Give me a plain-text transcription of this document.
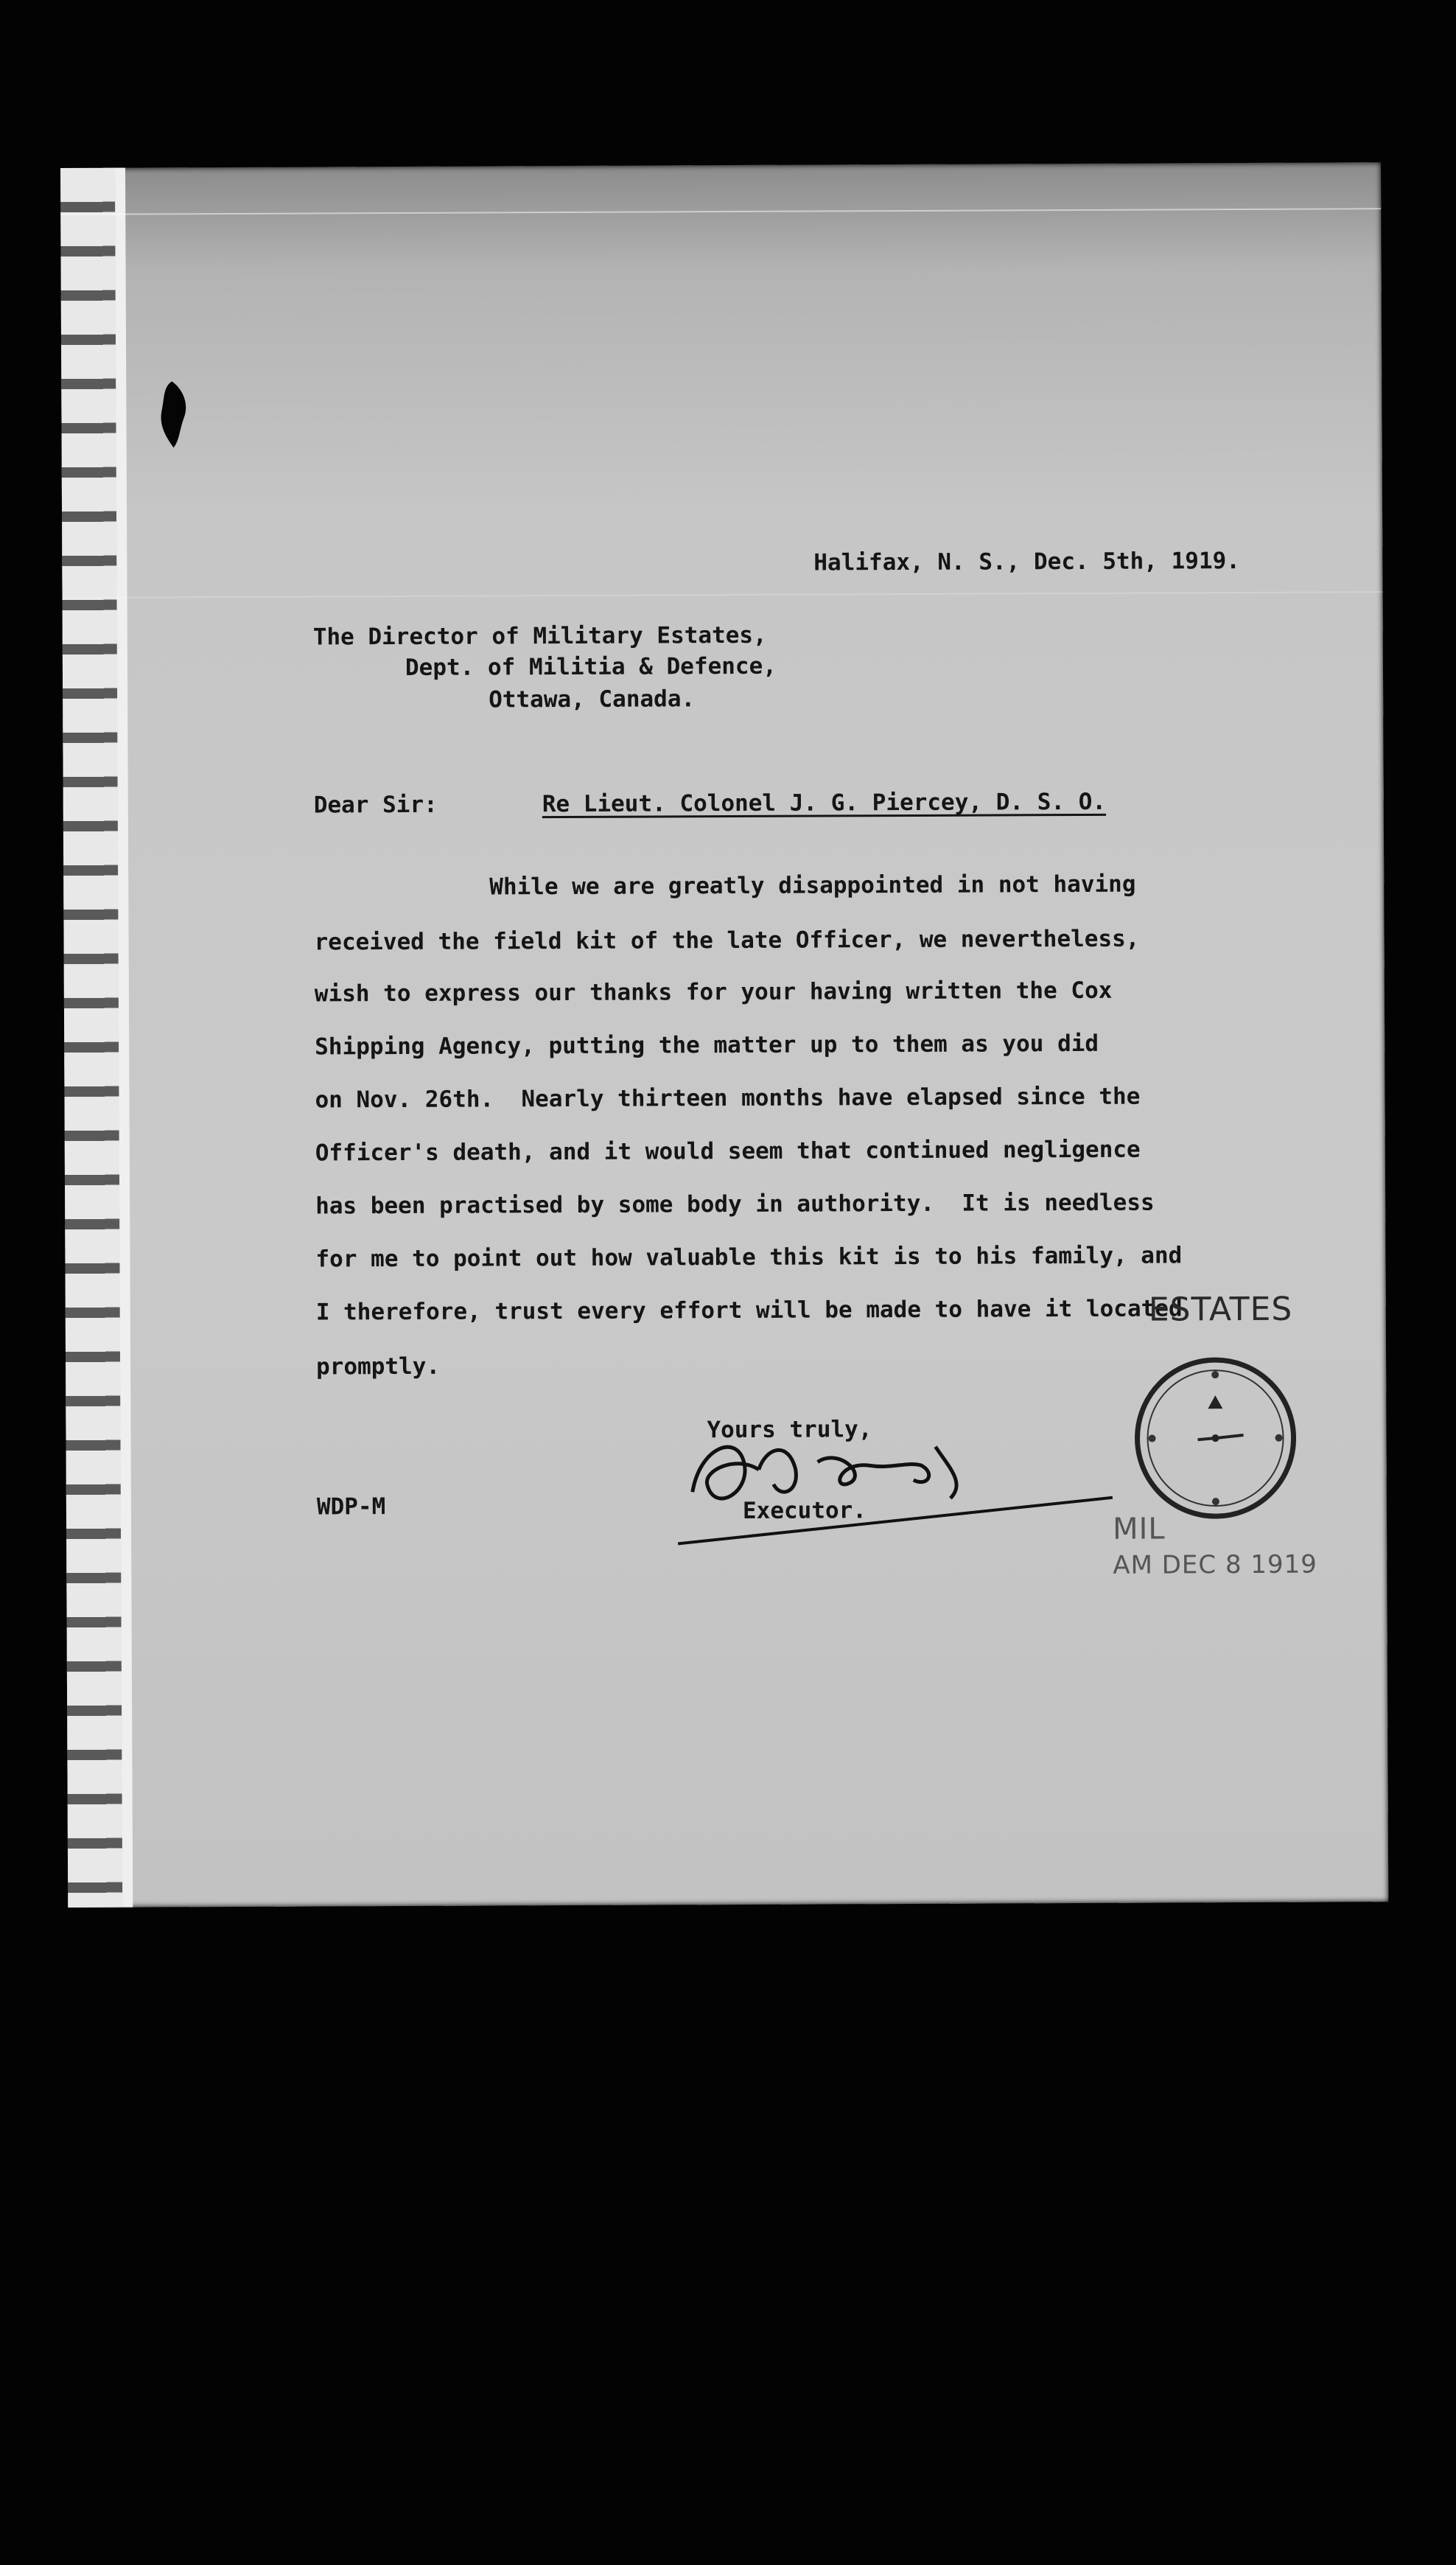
Halifax, N. S., Dec. 5th, 1919.
The Director of Military Estates,
Dept. of Militia & Defence,
Ottawa, Canada.
Dear Sir:	Re Lieut. Colonel J. G. Piercey, D. S. O.
While we are greatly disappointed in not having
received the field kit of the late Officer, we nevertheless,
wish to express our thanks for your having written the Cox
Shipping Agency, putting the matter up to them as you did
on Nov. 26th.  Nearly thirteen months have elapsed since the
Officer's death, and it would seem that continued negligence
has been practised by some body in authority.  It is needless
for me to point out how valuable this kit is to his family, and
I therefore, trust every effort will be made to have it located
promptly.
Yours truly,
Executor.
WDP-M
ESTATES
MIL
AM DEC 8 1919
